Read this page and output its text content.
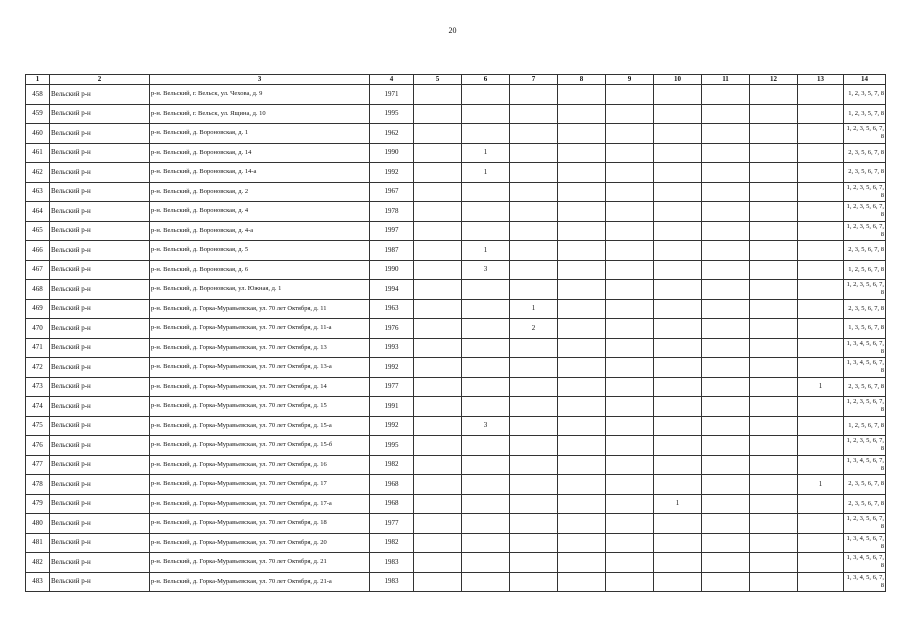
20
1	2	3	4	5	6	7	8	9	10	11	12	13	14
458	Вельский р-н	р-н. Вельский, г. Вельск, ул. Чехова, д. 9	1971										1, 2, 3, 5, 7, 8
459	Вельский р-н	р-н. Вельский, г. Вельск, ул. Ящина, д. 10	1995										1, 2, 3, 5, 7, 8
460	Вельский р-н	р-н. Вельский, д. Вороновская, д. 1	1962										1, 2, 3, 5, 6, 7, 8
461	Вельский р-н	р-н. Вельский, д. Вороновская, д. 14	1990		1								2, 3, 5, 6, 7, 8
462	Вельский р-н	р-н. Вельский, д. Вороновская, д. 14-а	1992		1								2, 3, 5, 6, 7, 8
463	Вельский р-н	р-н. Вельский, д. Вороновская, д. 2	1967										1, 2, 3, 5, 6, 7, 8
464	Вельский р-н	р-н. Вельский, д. Вороновская, д. 4	1978										1, 2, 3, 5, 6, 7, 8
465	Вельский р-н	р-н. Вельский, д. Вороновская, д. 4-а	1997										1, 2, 3, 5, 6, 7, 8
466	Вельский р-н	р-н. Вельский, д. Вороновская, д. 5	1987		1								2, 3, 5, 6, 7, 8
467	Вельский р-н	р-н. Вельский, д. Вороновская, д. 6	1990		3								1, 2, 5, 6, 7, 8
468	Вельский р-н	р-н. Вельский, д. Вороновская, ул. Южная, д. 1	1994										1, 2, 3, 5, 6, 7, 8
469	Вельский р-н	р-н. Вельский, д. Горка-Муравьевская, ул. 70 лет Октября, д. 11	1963			1							2, 3, 5, 6, 7, 8
470	Вельский р-н	р-н. Вельский, д. Горка-Муравьевская, ул. 70 лет Октября, д. 11-а	1976			2							1, 3, 5, 6, 7, 8
471	Вельский р-н	р-н. Вельский, д. Горка-Муравьевская, ул. 70 лет Октября, д. 13	1993										1, 3, 4, 5, 6, 7, 8
472	Вельский р-н	р-н. Вельский, д. Горка-Муравьевская, ул. 70 лет Октября, д. 13-а	1992										1, 3, 4, 5, 6, 7, 8
473	Вельский р-н	р-н. Вельский, д. Горка-Муравьевская, ул. 70 лет Октября, д. 14	1977									1	2, 3, 5, 6, 7, 8
474	Вельский р-н	р-н. Вельский, д. Горка-Муравьевская, ул. 70 лет Октября, д. 15	1991										1, 2, 3, 5, 6, 7, 8
475	Вельский р-н	р-н. Вельский, д. Горка-Муравьевская, ул. 70 лет Октября, д. 15-а	1992		3								1, 2, 5, 6, 7, 8
476	Вельский р-н	р-н. Вельский, д. Горка-Муравьевская, ул. 70 лет Октября, д. 15-б	1995										1, 2, 3, 5, 6, 7, 8
477	Вельский р-н	р-н. Вельский, д. Горка-Муравьевская, ул. 70 лет Октября, д. 16	1982										1, 3, 4, 5, 6, 7, 8
478	Вельский р-н	р-н. Вельский, д. Горка-Муравьевская, ул. 70 лет Октября, д. 17	1968									1	2, 3, 5, 6, 7, 8
479	Вельский р-н	р-н. Вельский, д. Горка-Муравьевская, ул. 70 лет Октября, д. 17-а	1968						1				2, 3, 5, 6, 7, 8
480	Вельский р-н	р-н. Вельский, д. Горка-Муравьевская, ул. 70 лет Октября, д. 18	1977										1, 2, 3, 5, 6, 7, 8
481	Вельский р-н	р-н. Вельский, д. Горка-Муравьевская, ул. 70 лет Октября, д. 20	1982										1, 3, 4, 5, 6, 7, 8
482	Вельский р-н	р-н. Вельский, д. Горка-Муравьевская, ул. 70 лет Октября, д. 21	1983										1, 3, 4, 5, 6, 7, 8
483	Вельский р-н	р-н. Вельский, д. Горка-Муравьевская, ул. 70 лет Октября, д. 21-а	1983										1, 3, 4, 5, 6, 7, 8
